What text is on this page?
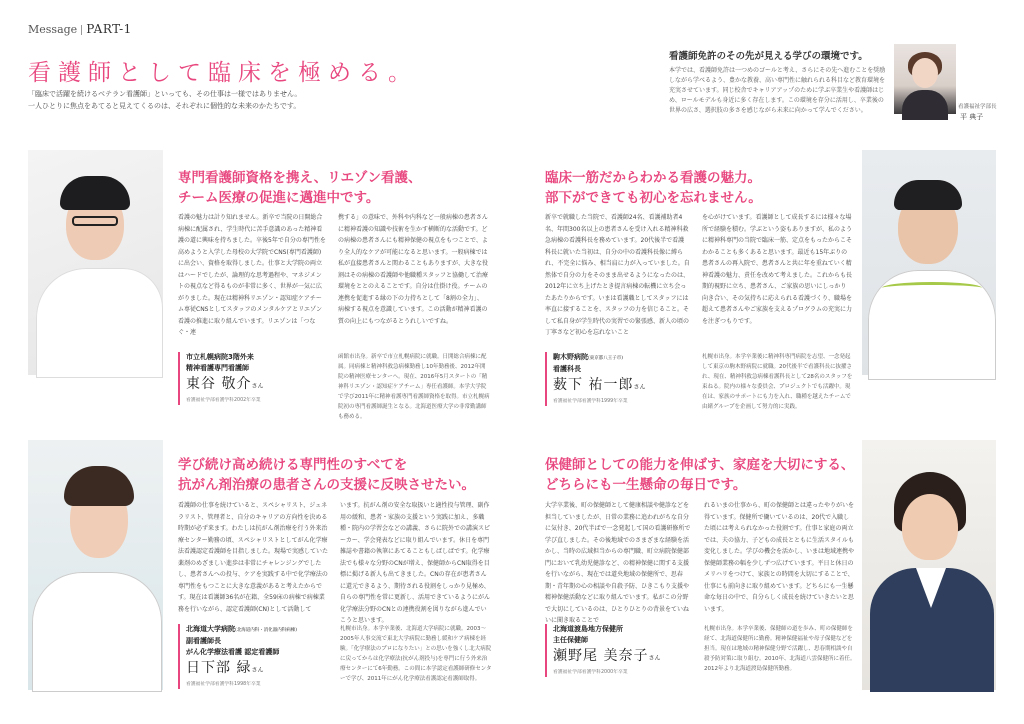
Message PART-1
看護師として臨床を極める。
「臨床で活躍を続けるベテラン看護師」といっても、その仕事は一様ではありません。
一人ひとりに焦点をあてると見えてくるのは、それぞれに個性的な未来のかたちです。
看護師免許のその先が見える学びの環境です。
本学では、看護師免許は一つめのゴールと考え、さらにその先へ進むことを奨励しながら学べるよう、豊かな教養、高い専門性に触れられる科目など教育環境を充実させています。同じ校舎でキャリアアップのために学ぶ卒業生や看護師はじめ、ロールモデルも身近に多く存在します。この環境を存分に活用し、卒業後の世界の広さ、選択肢の多さを感じながら未来に向かって学んでください。	看護福祉学部長
平 典子
専門看護師資格を携え、リエゾン看護、
チーム医療の促進に邁進中です。
看護の魅力は計り知れません。新卒で当院の日開総合病棟に配属され、学生時代に苦手意識のあった精神看護の道に興味を持ちました。卒後5年で自分の専門性を高めようと入学した母校の大学院でCNS(専門看護師)に出会い、資格を取得しました。仕事と大学院の両立はハードでしたが、論理的な思考過程や、マネジメントの視点など得るものが非常に多く、世界が一気に広がりました。現在は精神科リエゾン・認知症ケアチーム専従CNSとしてスタッフのメンタルケアとリエゾン看護の推進に取り組んでいます。リエゾンは「つなぐ・連
携する」の意味で、外科や内科など一般病棟の患者さんに精神看護の知識や技術を生かす横断的な活動です。どの病棟の患者さんにも精神保健の視点をもつことで、より全人的なケアが可能になると思います。一般病棟では私が直接患者さんと関わることもありますが、大きな役割はその病棟の看護師や他職種スタッフと協働して治療環境をととのえることです。自分は仕掛け役。チームの連携を促進する縁の下の力持ちとして「8割の全力」、病棟する視点を意識しています。この活動が精神看護の質の向上にもつながるとうれしいですね。
市立札幌病院3階外来
精神看護専門看護師
東谷 敬介さん
看護福祉学部看護学科2002年卒業
函館市出身。新卒で市立札幌病院に就職。日開総合病棟に配属。同病棟と精神科救急病棟勤務し10年勤務後、2012年開院の精神医療センターへ。現在、2016年5月スタートの「精神科リエゾン・認知症ケアチーム」専任看護師。本学大学院で学び2011年に精神看護専門看護師資格を取得。市立札幌病院初の専門看護師誕生となる。北海道医療大学の非常勤講師も務める。
臨床一筋だからわかる看護の魅力。
部下ができても初心を忘れません。
新卒で就職した当院で、看護師24名、看護補助者4名、年間300名以上の患者さんを受け入れる精神科救急病棟の看護科長を務めています。20代後半で看護科長に就いた当初は、自分の中の看護科長像に縛られ、不完全に悩み、相当肩に力が入っていました。自然体で自分の力をそのまま出せるようになったのは、2012年に立ち上げたとき提言病棟の転機に立ち会ったあたりからです。いまは看護職としてスタッフには率直に接することを、スタッフの力を信じること。そして私自身が学生時代の実習での緊張感、新人の頃の丁寧さなど初心を忘れないこと
を心がけています。看護師として成長するには様々な場所で経験を積む。学ぶという姿もありますが、私のように精神科専門の当院で臨床一筋、定点をもったからこそわかることも多くあると思います。最近も15年ぶりの患者さんの再入院で、患者さんと共に年を重ねていく精神看護の魅力、責任を改めて考えました。これからも長期的視野に立ち、患者さん、ご家族の思いにしっかり向き合い、その気持ちに応えられる看護づくり、職場を超えて患者さんやご家族を支えるプログラムの充実に力を注ぎつもりです。
駒木野病院(東京都八王子市)
看護科長
薮下 祐一郎さん
看護福祉学部看護学科1999年卒業
札幌市出身。本学卒業後に精神科専門病院を志望、一念発起して東京の駒木野病院に就職。20代後半で看護科長に抜擢され、現在、精神科救急病棟看護科長として28名のスタッフを束ねる。院内の様々な委員会、プロジェクトでも活躍中。現在は、家族のサポートにも力を入れ、職種を越えたチームで由緒グループを企画して努力的に実践。
学び続け高め続ける専門性のすべてを
抗がん剤治療の患者さんの支援に反映させたい。
看護師の仕事を続けていると、スペシャリスト、ジェネラリスト、管理者と、自分のキャリアの方向性を決める時期が必ず来ます。わたしは抗がん剤治療を行う外来治療センター勤務の頃、スペシャリストとしてがん化学療法看護認定看護師を目指しました。現場で実感していた薬剤のめざましい進歩は非常にチャレンジングでしたし、患者さんへの投与、ケアを実践する中で化学療法の専門性をもつことに大きな意義があると考えたからです。現在は看護師36名が在籍、全59床の病棟で病棟業務を行いながら、認定看護師(CN)として活動して
います。抗がん剤の安全な取扱いと適性投与管理、副作用の緩和、患者・家族の支援という実践に加え、多職種・院内の学習会などの講義、さらに院外での講演スピーカー、学会発表などに取り組んでいます。休日を専門雑誌や書籍の執筆にあてることもしばしばです。化学療法でも様々な分野のCNが増え、保健師からCN取得を目標に掲げる新人も出てきました。CNの存在が患者さんに還元できるよう、期待される役割をしっかり見極め、自らの専門性を常に更新し、活用できているようにがん化学療法分野のCNとの連携役割を図りながら進んでいこうと思います。
北海道大学病院(北海道内科・消化器内科病棟)
副看護師長
がん化学療法看護 認定看護師
日下部 緑さん
看護福祉学部看護学科1998年卒業
札幌市出身。本学卒業後、北海道大学病院に就職。2003～2005年人事交流で東北大学病院に勤務し緩和ケア病棟を経験。「化学療法のプロになりたい」との思いを強くし北大病院に戻ってからは化学療法(抗がん剤投与)を専門に行う外来治療センターにて6年勤務。この間に本学認定看護師研修センターで学び、2011年にがん化学療法看護認定看護師取得。
保健師としての能力を伸ばす、家庭を大切にする、
どちらにも一生懸命の毎日です。
大学卒業後、町の保健師として健康相談や健診などを担当していましたが、日常の業務に追われがちな自分に気付き、20代半ばで一念発起して国の看護研修所で学び直しました。その後地域でのさまざまな経験を活かし、当時の広域担当からの専門職、町立病院保健部門において乳幼児健診など、の精神保健に関する支援を行いながら、現在では道央地域の保健所で、思春期・青年期の心の相談や自殺予防、ひきこもり支援や精神保健活動などに取り組んでいます。私がこの分野で大切にしているのは、ひとりひとりの背景をていねいに聞き取ることで
れるいまの仕事から、町の保健師とは違ったやりがいを得ています。保健所で働いているのは、20代で入職した頃には考えられなかった役割です。仕事と家庭の両立では、夫の協力、子どもの成長とともに生活スタイルも変化しました。学びの機会を活かし、いまは地域連携や保健師業務の幅を少しずつ広げています。平日と休日のメリハリをつけて、家族との時間を大切にすることで、仕事にも前向きに取り組めています。どちらにも一生懸命な毎日の中で、自分らしく成長を続けていきたいと思います。
北海道渡島地方保健所
主任保健師
瀬野尾 美奈子さん
看護福祉学部看護学科2000年卒業
札幌市出身。本学卒業後、保健師の道を歩み、町の保健師を経て、北海道保健所に勤務。精神保健福祉や母子保健などを担当。現在は地域の精神保健分野で活躍し、思春期相談や自殺予防対策に取り組む。2010年、北海道八雲保健所に着任。2012年より北海道渡島保健所勤務。
